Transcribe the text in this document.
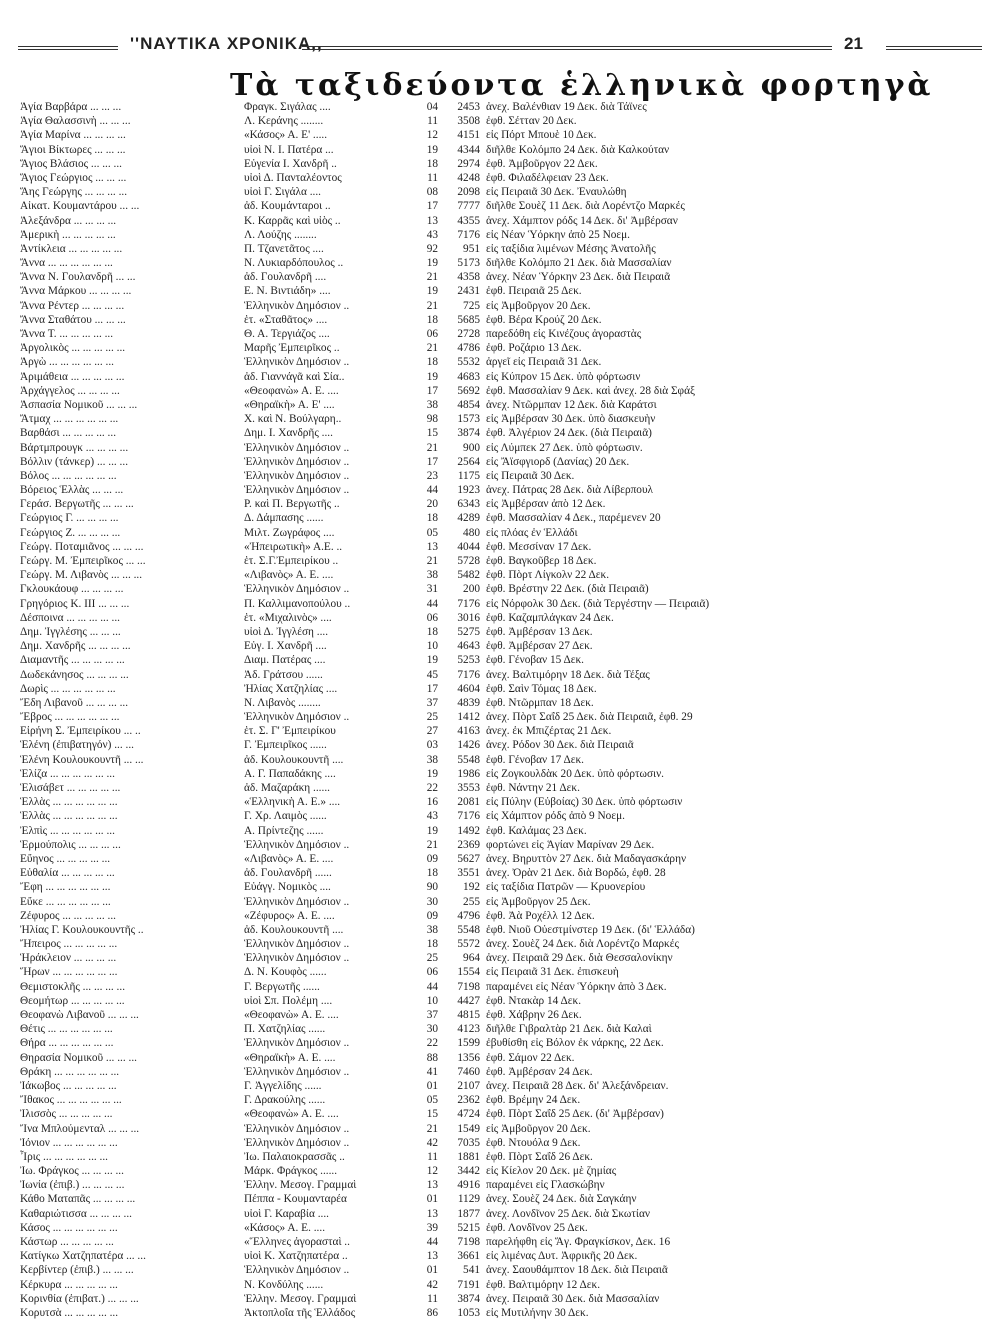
''ΝΑΥΤΙΚΑ ΧΡΟΝΙΚΑ,,	21
Τὰ ταξιδεύοντα ἑλληνικὰ φορτηγὰ
Ἁγία Βαρβάρα ... ... ...	Φραγκ. Σιγάλας ....	04	2453 ἀνεχ. Βαλένθιαν 19 Δεκ. διὰ Τάϊνες
Ἁγία Θαλασσινὴ ... ... ...	Λ. Κεράνης ........	11	3508 ἐφθ. Σέτταν 20 Δεκ.
Ἁγία Μαρίνα ... ... ... ...	«Κάσος» Α. Ε' .....	12	4151 εἰς Πόρτ Μπουὲ 10 Δεκ.
Ἅγιοι Βίκτωρες ... ... ...	υἱοὶ Ν. Ι. Πατέρα ...	19	4344 διῆλθε Κολόμπο 24 Δεκ. διὰ Καλκούταν
Ἅγιος Βλάσιος ... ... ...	Εὐγενία Ι. Χανδρῆ ..	18	2974 ἐφθ. Ἀμβοῦργον 22 Δεκ.
Ἅγιος Γεώργιος ... ... ...	υἱοὶ Δ. Πανταλέοντος	11	4248 ἐφθ. Φιλαδέλφειαν 23 Δεκ.
Ἅης Γεώργης ... ... ... ...	υἱοὶ Γ. Σιγάλα ....	08	2098 εἰς Πειραιᾶ 30 Δεκ. Ἐναυλώθη
Αἰκατ. Κουμαντάρου ... ...	ἀδ. Κουμάνταροι ..	17	7777 διῆλθε Σουὲζ 11 Δεκ. διὰ Λορέντζο Μαρκές
Ἀλεξάνδρα ... ... ... ...	Κ. Καρρᾶς καὶ υἱὸς ..	13	4355 ἀνεχ. Χάμπτον ρόδς 14 Δεκ. δι' Ἀμβέρσαν
Ἀμερικὴ ... ... ... ... ...	Λ. Λούζης ........	43	7176 εἰς Νέαν Ὑόρκην ἀπὸ 25 Νοεμ.
Ἀντίκλεια ... ... ... ... ...	Π. Τζανετᾶτος ....	92	951 εἰς ταξίδια λιμένων Μέσης Ἀνατολῆς
Ἄννα ... ... ... ... ... ...	Ν. Λυκιαρδόπουλος ..	19	5173 διῆλθε Κολόμπο 21 Δεκ. διὰ Μασσαλίαν
Ἄννα Ν. Γουλανδρῆ ... ...	ἀδ. Γουλανδρῆ ....	21	4358 ἀνεχ. Νέαν Ὑόρκην 23 Δεκ. διὰ Πειραιᾶ
Ἄννα Μάρκου ... ... ... ...	Ε. Ν. Βιντιάδη» ....	19	2431 ἐφθ. Πειραιᾶ 25 Δεκ.
Ἄννα Ρέντερ ... ... ... ...	Ἑλληνικὸν Δημόσιον ..	21	725 εἰς Ἀμβοῦργον 20 Δεκ.
Ἄννα Σταθάτου ... ... ...	ἑτ. «Σταθᾶτος» ....	18	5685 ἐφθ. Βέρα Κρούζ 20 Δεκ.
Ἄννα Τ. ... ... ... ... ...	Θ. Α. Τεργιάζος ....	06	2728 παρεδόθη εἰς Κινέζους ἀγοραστὰς
Ἀργολικὸς ... ... ... ... ...	Μαρῆς Ἐμπειρῖκος ..	21	4786 ἐφθ. Ροζάριο 13 Δεκ.
Ἀργὼ ... ... ... ... ... ...	Ἑλληνικὸν Δημόσιον ..	18	5532 ἀργεῖ εἰς Πειραιᾶ 31 Δεκ.
Ἀριμάθεια ... ... ... ... ...	ἀδ. Γιαννάγᾶ καὶ Σία..	19	4683 εἰς Κύπρον 15 Δεκ. ὑπὸ φόρτωσιν
Ἀρχάγγελος ... ... ... ...	«Θεοφανὼ» Α. Ε. ....	17	5692 ἐφθ. Μασσαλίαν 9 Δεκ. καὶ ἀνεχ. 28 διὰ Σφάξ
Ἀσπασία Νομικοῦ ... ... ...	«Θηραϊκὴ» Α. Ε' ....	38	4854 ἀνεχ. Ντῶρμπαν 12 Δεκ. διὰ Καράτσι
Ἄτμαχ ... ... ... ... ... ...	Χ. καὶ Ν. Βούλγαρη..	98	1573 εἰς Ἀμβέρσαν 30 Δεκ. ὑπὸ διασκευὴν
Βαρθάσι ... ... ... ... ...	Δημ. Ι. Χανδρῆς ....	15	3874 ἐφθ. Ἀλγέριον 24 Δεκ. (διὰ Πειραιᾶ)
Βάρτμπρουγκ ... ... ... ...	Ἑλληνικὸν Δημόσιον ..	21	900 εἰς Λύμπεκ 27 Δεκ. ὑπὸ φόρτωσιν.
Βόλλιν (τάνκερ) ... ... ...	Ἑλληνικὸν Δημόσιον ..	17	2564 εἰς Ἄϊσφγιορδ (Δανίας) 20 Δεκ.
Βόλος ... ... ... ... ... ...	Ἑλληνικὸν Δημόσιον ..	23	1175 εἰς Πειραιᾶ 30 Δεκ.
Βόρειος Ἑλλὰς ... ... ...	Ἑλληνικὸν Δημόσιον ..	44	1923 ἀνεχ. Πάτρας 28 Δεκ. διὰ Λίβερπουλ
Γεράσ. Βεργωτῆς ... ... ...	Ρ. καὶ Π. Βεργωτῆς ..	20	6343 εἰς Ἀμβέρσαν ἀπὸ 12 Δεκ.
Γεώργιος Γ. ... ... ... ...	Δ. Δάμπασης ......	18	4289 ἐφθ. Μασσαλίαν 4 Δεκ., παρέμενεν 20
Γεώργιος Ζ. ... ... ... ...	Μιλτ. Ζωγράφος ....	05	480 εἰς πλόας ἐν Ἑλλάδι
Γεώργ. Ποταμιᾶνος ... ... ...	«Ἠπειρωτικὴ» Α.Ε. ..	13	4044 ἐφθ. Μεσσίναν 17 Δεκ.
Γεώργ. Μ. Ἐμπειρῖκος ... ...	ἑτ. Σ.Γ.Ἐμπειρίκου ..	21	5728 ἐφθ. Βαγκοῦβερ 18 Δεκ.
Γεώργ. Μ. Λιβανὸς ... ... ...	«Λιβανὸς» Α. Ε. ....	38	5482 ἐφθ. Πὸρτ Λίγκολν 22 Δεκ.
Γκλουκάουφ ... ... ... ...	Ἑλληνικὸν Δημόσιον ..	31	200 ἐφθ. Βρέστην 22 Δεκ. (διὰ Πειραιᾶ)
Γρηγόριος Κ. ΙΙΙ ... ... ...	Π. Καλλιμανοπούλου ..	44	7176 εἰς Νόρφολκ 30 Δεκ. (διὰ Τεργέστην — Πειραιᾶ)
Δέσποινα ... ... ... ... ...	ἑτ. «Μιχαλινὸς» ....	06	3016 ἐφθ. Καζαμπλάγκαν 24 Δεκ.
Δημ. Ἰγγλέσης ... ... ...	υἱοὶ Δ. Ἰγγλέση ....	18	5275 ἐφθ. Ἀμβέρσαν 13 Δεκ.
Δημ. Χανδρῆς ... ... ... ...	Εὐγ. Ι. Χανδρῆ ....	10	4643 ἐφθ. Ἀμβέρσαν 27 Δεκ.
Διαμαντῆς ... ... ... ... ...	Διαμ. Πατέρας ....	19	5253 ἐφθ. Γένοβαν 15 Δεκ.
Δωδεκάνησος ... ... ... ...	Ἀδ. Γράτσου ......	45	7176 ἀνεχ. Βαλτιμόρην 18 Δεκ. διὰ Τέξας
Δωρὶς ... ... ... ... ... ...	Ἠλίας Χατζηλίας ....	17	4604 ἐφθ. Σαὶν Τόμας 18 Δεκ.
Ἔδη Λιβανοῦ ... ... ... ...	Ν. Λιβανὸς ........	37	4839 ἐφθ. Ντῶρμπαν 18 Δεκ.
Ἔβρος ... ... ... ... ... ...	Ἑλληνικὸν Δημόσιον ..	25	1412 ἀνεχ. Πὸρτ Σαΐδ 25 Δεκ. διὰ Πειραιᾶ, ἐφθ. 29
Εἰρήνη Σ. Ἐμπειρίκου ... ..	ἑτ. Σ. Γ' Ἐμπειρίκου	27	4163 ἀνεχ. ἐκ Μπιζέρτας 21 Δεκ.
Ἑλένη (ἐπιβατηγόν) ... ...	Γ. Ἐμπειρῖκος ......	03	1426 ἀνεχ. Ρόδον 30 Δεκ. διὰ Πειραιᾶ
Ἑλένη Κουλουκουντῆ ... ...	ἀδ. Κουλουκουντῆ ....	38	5548 ἐφθ. Γένοβαν 17 Δεκ.
Ἑλίζα ... ... ... ... ... ...	Α. Γ. Παπαδάκης ....	19	1986 εἰς Ζογκουλδὰκ 20 Δεκ. ὑπὸ φόρτωσιν.
Ἑλισάβετ ... ... ... ... ...	ἀδ. Μαζαράκη ......	22	3553 ἐφθ. Νάντην 21 Δεκ.
Ἑλλὰς ... ... ... ... ... ...	«Ἑλληνικὴ Α. Ε.» ....	16	2081 εἰς Πύλην (Εὐβοίας) 30 Δεκ. ὑπὸ φόρτωσιν
Ἑλλὰς ... ... ... ... ... ...	Γ. Χρ. Λαιμὸς ......	43	7176 εἰς Χάμπτον ρόδς ἀπὸ 9 Νοεμ.
Ἐλπὶς ... ... ... ... ... ...	Α. Πρίντεζης ......	19	1492 ἐφθ. Καλάμας 23 Δεκ.
Ἑρμούπολις ... ... ... ...	Ἑλληνικὸν Δημόσιον ..	21	2369 φορτώνει εἰς Ἁγίαν Μαρίναν 29 Δεκ.
Εὔηνος ... ... ... ... ...	«Λιβανὸς» Α. Ε. ....	09	5627 ἀνεχ. Βηρυττὸν 27 Δεκ. διὰ Μαδαγασκάρην
Εὐθαλία ... ... ... ... ...	ἀδ. Γουλανδρῆ ......	18	3551 ἀνεχ. Ὀρὰν 21 Δεκ. διὰ Βορδώ, ἐφθ. 28
Ἔφη ... ... ... ... ... ...	Εὐάγγ. Νομικὸς ....	90	192 εἰς ταξίδια Πατρῶν — Κρυονερίου
Εὔκε ... ... ... ... ... ...	Ἑλληνικὸν Δημόσιον ..	30	255 εἰς Ἀμβοῦργον 25 Δεκ.
Ζέφυρος ... ... ... ... ...	«Ζέφυρος» Α. Ε. ....	09	4796 ἐφθ. Ἀὰ Ροχέλλ 12 Δεκ.
Ἠλίας Γ. Κουλουκουντῆς ..	ἀδ. Κουλουκουντῆ ....	38	5548 ἐφθ. Νιοῦ Οὐεστμίνστερ 19 Δεκ. (δι' Ἑλλάδα)
Ἤπειρος ... ... ... ... ...	Ἑλληνικὸν Δημόσιον ..	18	5572 ἀνεχ. Σουὲζ 24 Δεκ. διὰ Λορέντζο Μαρκές
Ἡράκλειον ... ... ... ...	Ἑλληνικὸν Δημόσιον ..	25	964 ἀνεχ. Πειραιᾶ 29 Δεκ. διὰ Θεσσαλονίκην
Ἥρων ... ... ... ... ... ...	Δ. Ν. Κουφὸς ......	06	1554 εἰς Πειραιᾶ 31 Δεκ. ἐπισκευὴ
Θεμιστοκλῆς ... ... ... ...	Γ. Βεργωτῆς ......	44	7198 παραμένει εἰς Νέαν Ὑόρκην ἀπὸ 3 Δεκ.
Θεομήτωρ ... ... ... ... ...	υἱοὶ Σπ. Πολέμη ....	10	4427 ἐφθ. Ντακὰρ 14 Δεκ.
Θεοφανὼ Λιβανοῦ ... ... ...	«Θεοφανὼ» Α. Ε. ....	37	4815 ἐφθ. Χάβρην 26 Δεκ.
Θέτις ... ... ... ... ... ...	Π. Χατζηλίας ......	30	4123 διῆλθε Γιβραλτὰρ 21 Δεκ. διὰ Καλαὶ
Θήρα ... ... ... ... ... ...	Ἑλληνικὸν Δημόσιον ..	22	1599 ἐβυθίσθη εἰς Βόλον ἐκ νάρκης, 22 Δεκ.
Θηρασία Νομικοῦ ... ... ...	«Θηραϊκὴ» Α. Ε. ....	88	1356 ἐφθ. Σάμον 22 Δεκ.
Θράκη ... ... ... ... ... ...	Ἑλληνικὸν Δημόσιον ..	41	7460 ἐφθ. Ἀμβέρσαν 24 Δεκ.
Ἰάκωβος ... ... ... ... ...	Γ. Ἀγγελίδης ......	01	2107 ἀνεχ. Πειραιᾶ 28 Δεκ. δι' Ἀλεξάνδρειαν.
Ἴθακος ... ... ... ... ... ...	Γ. Δρακούλης ......	05	2362 ἐφθ. Βρέμην 24 Δεκ.
Ἰλισσὸς ... ... ... ... ...	«Θεοφανὼ» Α. Ε. ....	15	4724 ἐφθ. Πὸρτ Σαΐδ 25 Δεκ. (δι' Ἀμβέρσαν)
Ἴνα Μπλούμενταλ ... ... ...	Ἑλληνικὸν Δημόσιον ..	21	1549 εἰς Ἀμβοῦργον 20 Δεκ.
Ἰόνιον ... ... ... ... ... ...	Ἑλληνικὸν Δημόσιον ..	42	7035 ἐφθ. Ντουόλα 9 Δεκ.
Ἶρις ... ... ... ... ... ...	Ἰω. Παλαιοκρασσᾶς ..	11	1881 ἐφθ. Πὸρτ Σαΐδ 26 Δεκ.
Ἰω. Φράγκος ... ... ... ...	Μάρκ. Φράγκος ......	12	3442 εἰς Κίελον 20 Δεκ. μὲ ζημίας
Ἰωνία (ἐπιβ.) ... ... ... ...	Ἑλλην. Μεσογ. Γραμμαὶ	13	4916 παραμένει εἰς Γλασκώβην
Κάθο Ματαπᾶς ... ... ... ...	Πέππα - Κουμανταρέα	01	1129 ἀνεχ. Σουὲζ 24 Δεκ. διὰ Σαγκάην
Καθαριώτισσα ... ... ... ...	υἱοὶ Γ. Καραβία ....	13	1877 ἀνεχ. Λονδῖνον 25 Δεκ. διὰ Σκωτίαν
Κάσος ... ... ... ... ... ...	«Κάσος» Α. Ε. ....	39	5215 ἐφθ. Λονδῖνον 25 Δεκ.
Κάστωρ ... ... ... ... ...	«Ἕλληνες ἀγορασταὶ ..	44	7198 παρελήφθη εἰς Ἅγ. Φραγκίσκον, Δεκ. 16
Κατίγκω Χατζηπατέρα ... ...	υἱοὶ Κ. Χατζηπατέρα ..	13	3661 εἰς λιμένας Δυτ. Ἀφρικῆς 20 Δεκ.
Κερβίντερ (ἐπιβ.) ... ... ...	Ἑλληνικὸν Δημόσιον ..	01	541 ἀνεχ. Σαουθάμπτον 18 Δεκ. διὰ Πειραιᾶ
Κέρκυρα ... ... ... ... ...	Ν. Κονδύλης ......	42	7191 ἐφθ. Βαλτιμόρην 12 Δεκ.
Κορινθία (ἐπιβατ.) ... ... ...	Ἑλλην. Μεσογ. Γραμμαὶ	11	3874 ἀνεχ. Πειραιᾶ 30 Δεκ. διὰ Μασσαλίαν
Κορυτσὰ ... ... ... ... ...	Ἀκτοπλοΐα τῆς Ἑλλάδος	86	1053 εἰς Μυτιλήνην 30 Δεκ.
